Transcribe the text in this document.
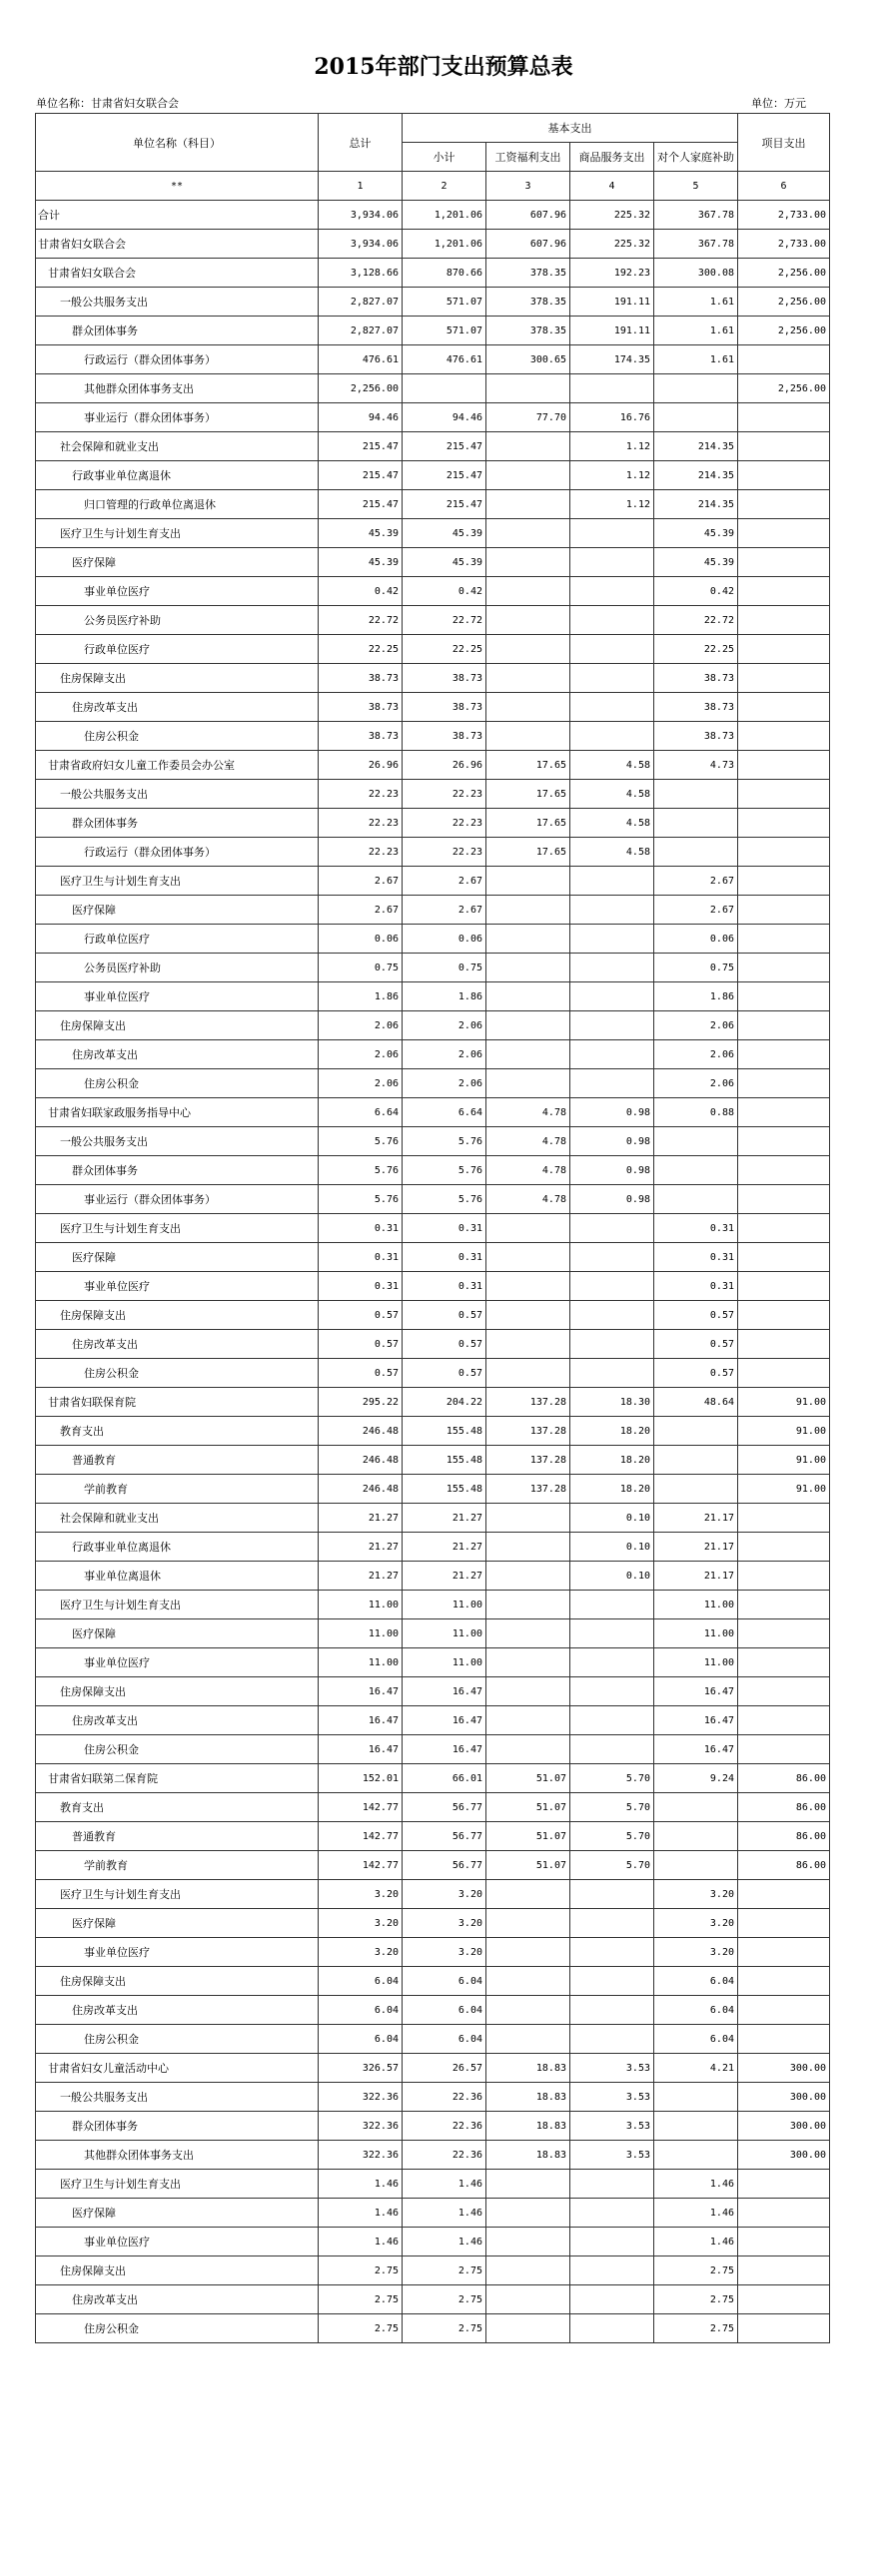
2015年部门支出预算总表
单位名称：甘肃省妇女联合会	单位：万元
单位名称（科目）	总计	基本支出				项目支出
		小计	工资福利支出	商品服务支出	对个人家庭补助	
**	1	2	3	4	5	6
合计	3,934.06	1,201.06	607.96	225.32	367.78	2,733.00
甘肃省妇女联合会	3,934.06	1,201.06	607.96	225.32	367.78	2,733.00
甘肃省妇女联合会	3,128.66	870.66	378.35	192.23	300.08	2,256.00
一般公共服务支出	2,827.07	571.07	378.35	191.11	1.61	2,256.00
群众团体事务	2,827.07	571.07	378.35	191.11	1.61	2,256.00
行政运行（群众团体事务）	476.61	476.61	300.65	174.35	1.61	
其他群众团体事务支出	2,256.00					2,256.00
事业运行（群众团体事务）	94.46	94.46	77.70	16.76		
社会保障和就业支出	215.47	215.47		1.12	214.35	
行政事业单位离退休	215.47	215.47		1.12	214.35	
归口管理的行政单位离退休	215.47	215.47		1.12	214.35	
医疗卫生与计划生育支出	45.39	45.39			45.39	
医疗保障	45.39	45.39			45.39	
事业单位医疗	0.42	0.42			0.42	
公务员医疗补助	22.72	22.72			22.72	
行政单位医疗	22.25	22.25			22.25	
住房保障支出	38.73	38.73			38.73	
住房改革支出	38.73	38.73			38.73	
住房公积金	38.73	38.73			38.73	
甘肃省政府妇女儿童工作委员会办公室	26.96	26.96	17.65	4.58	4.73	
一般公共服务支出	22.23	22.23	17.65	4.58		
群众团体事务	22.23	22.23	17.65	4.58		
行政运行（群众团体事务）	22.23	22.23	17.65	4.58		
医疗卫生与计划生育支出	2.67	2.67			2.67	
医疗保障	2.67	2.67			2.67	
行政单位医疗	0.06	0.06			0.06	
公务员医疗补助	0.75	0.75			0.75	
事业单位医疗	1.86	1.86			1.86	
住房保障支出	2.06	2.06			2.06	
住房改革支出	2.06	2.06			2.06	
住房公积金	2.06	2.06			2.06	
甘肃省妇联家政服务指导中心	6.64	6.64	4.78	0.98	0.88	
一般公共服务支出	5.76	5.76	4.78	0.98		
群众团体事务	5.76	5.76	4.78	0.98		
事业运行（群众团体事务）	5.76	5.76	4.78	0.98		
医疗卫生与计划生育支出	0.31	0.31			0.31	
医疗保障	0.31	0.31			0.31	
事业单位医疗	0.31	0.31			0.31	
住房保障支出	0.57	0.57			0.57	
住房改革支出	0.57	0.57			0.57	
住房公积金	0.57	0.57			0.57	
甘肃省妇联保育院	295.22	204.22	137.28	18.30	48.64	91.00
教育支出	246.48	155.48	137.28	18.20		91.00
普通教育	246.48	155.48	137.28	18.20		91.00
学前教育	246.48	155.48	137.28	18.20		91.00
社会保障和就业支出	21.27	21.27		0.10	21.17	
行政事业单位离退休	21.27	21.27		0.10	21.17	
事业单位离退休	21.27	21.27		0.10	21.17	
医疗卫生与计划生育支出	11.00	11.00			11.00	
医疗保障	11.00	11.00			11.00	
事业单位医疗	11.00	11.00			11.00	
住房保障支出	16.47	16.47			16.47	
住房改革支出	16.47	16.47			16.47	
住房公积金	16.47	16.47			16.47	
甘肃省妇联第二保育院	152.01	66.01	51.07	5.70	9.24	86.00
教育支出	142.77	56.77	51.07	5.70		86.00
普通教育	142.77	56.77	51.07	5.70		86.00
学前教育	142.77	56.77	51.07	5.70		86.00
医疗卫生与计划生育支出	3.20	3.20			3.20	
医疗保障	3.20	3.20			3.20	
事业单位医疗	3.20	3.20			3.20	
住房保障支出	6.04	6.04			6.04	
住房改革支出	6.04	6.04			6.04	
住房公积金	6.04	6.04			6.04	
甘肃省妇女儿童活动中心	326.57	26.57	18.83	3.53	4.21	300.00
一般公共服务支出	322.36	22.36	18.83	3.53		300.00
群众团体事务	322.36	22.36	18.83	3.53		300.00
其他群众团体事务支出	322.36	22.36	18.83	3.53		300.00
医疗卫生与计划生育支出	1.46	1.46			1.46	
医疗保障	1.46	1.46			1.46	
事业单位医疗	1.46	1.46			1.46	
住房保障支出	2.75	2.75			2.75	
住房改革支出	2.75	2.75			2.75	
住房公积金	2.75	2.75			2.75	
